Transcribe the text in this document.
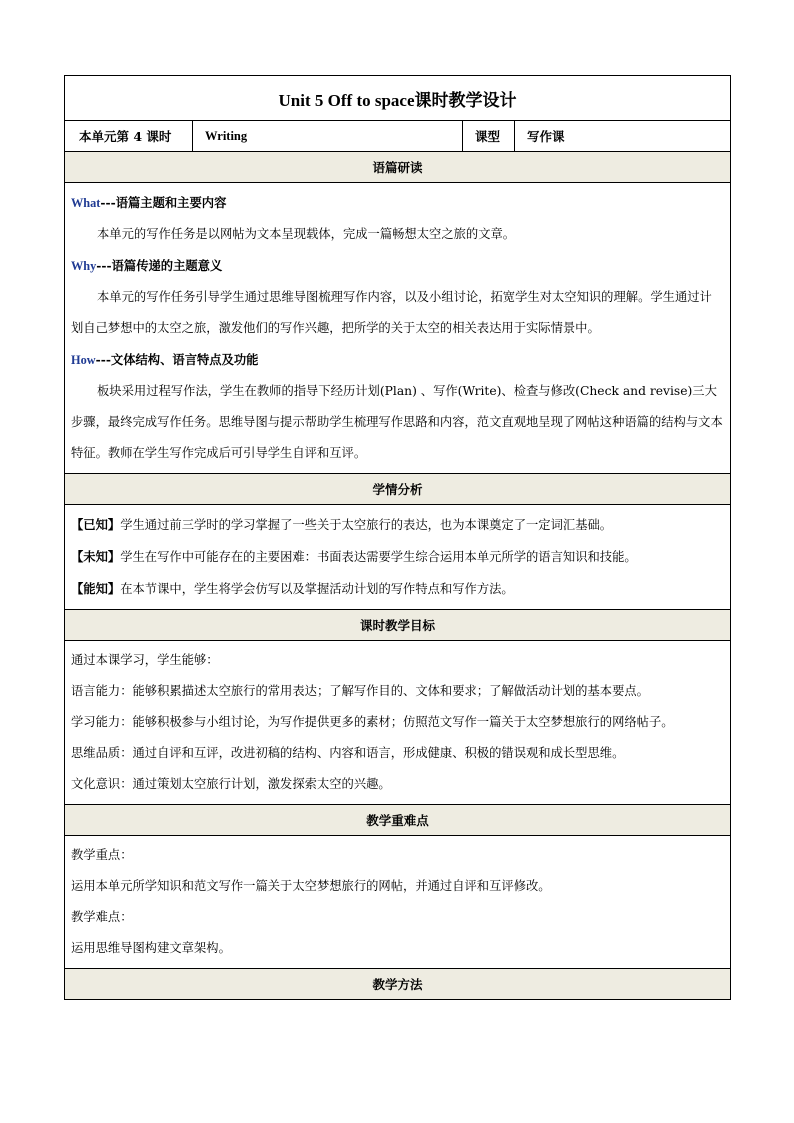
Unit 5 Off to space课时教学设计
本单元第 4 课时	Writing	课型	写作课
语篇研读

What---语篇主题和主要内容

本单元的写作任务是以网帖为文本呈现载体，完成一篇畅想太空之旅的文章。

Why---语篇传递的主题意义

本单元的写作任务引导学生通过思维导图梳理写作内容，以及小组讨论，拓宽学生对太空知识的理解。学生通过计划自己梦想中的太空之旅，激发他们的写作兴趣，把所学的关于太空的相关表达用于实际情景中。

How---文体结构、语言特点及功能

板块采用过程写作法，学生在教师的指导下经历计划(Plan) 、写作(Write)、检查与修改(Check and revise)三大步骤，最终完成写作任务。思维导图与提示帮助学生梳理写作思路和内容，范文直观地呈现了网帖这种语篇的结构与文本特征。教师在学生写作完成后可引导学生自评和互评。

学情分析

【已知】学生通过前三学时的学习掌握了一些关于太空旅行的表达，也为本课奠定了一定词汇基础。

【未知】学生在写作中可能存在的主要困难：书面表达需要学生综合运用本单元所学的语言知识和技能。

【能知】在本节课中，学生将学会仿写以及掌握活动计划的写作特点和写作方法。

课时教学目标

通过本课学习，学生能够：

语言能力：能够积累描述太空旅行的常用表达；了解写作目的、文体和要求；了解做活动计划的基本要点。

学习能力：能够积极参与小组讨论，为写作提供更多的素材；仿照范文写作一篇关于太空梦想旅行的网络帖子。

思维品质：通过自评和互评，改进初稿的结构、内容和语言，形成健康、积极的错误观和成长型思维。

文化意识：通过策划太空旅行计划，激发探索太空的兴趣。

教学重难点

教学重点：

运用本单元所学知识和范文写作一篇关于太空梦想旅行的网帖，并通过自评和互评修改。

教学难点：

运用思维导图构建文章架构。

教学方法
